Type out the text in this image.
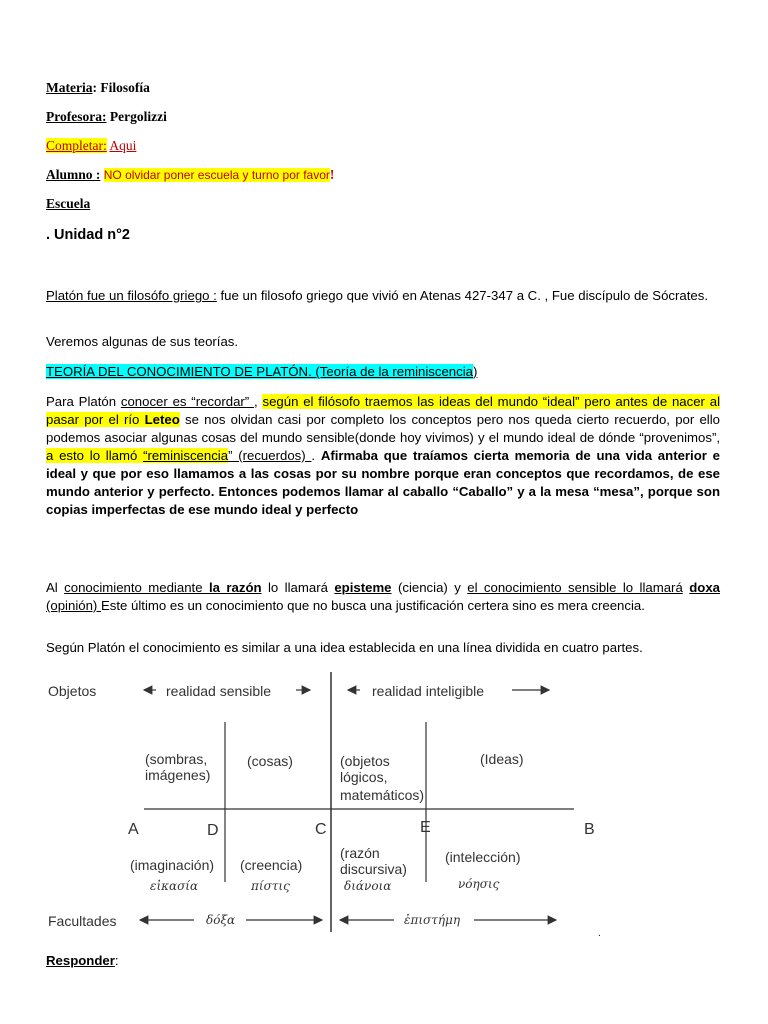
Materia: Filosofía
Profesora: Pergolizzi
Completar: Aqui
Alumno : NO olvidar poner escuela y turno por favor!
Escuela
. Unidad n°2
Platón fue un filosófo griego : fue un filosofo griego que vivió en Atenas 427-347 a C. , Fue discípulo de Sócrates.
Veremos algunas de sus teorías.
TEORÍA DEL CONOCIMIENTO DE PLATÓN. (Teoría de la reminiscencia)
Para Platón conocer es “recordar” , según el filósofo traemos las ideas del mundo “ideal” pero antes de nacer al pasar por el río Leteo se nos olvidan casi por completo los conceptos pero nos queda cierto recuerdo, por ello podemos asociar algunas cosas del mundo sensible(donde hoy vivimos) y el mundo ideal de dónde “provenimos”, a esto lo llamó “reminiscencia” (recuerdos) . Afirmaba que traíamos cierta memoria de una vida anterior e ideal y que por eso llamamos a las cosas por su nombre porque eran conceptos que recordamos, de ese mundo anterior y perfecto. Entonces podemos llamar al caballo “Caballo” y a la mesa “mesa”, porque son copias imperfectas de ese mundo ideal y perfecto
Al conocimiento mediante la razón lo llamará episteme (ciencia) y el conocimiento sensible lo llamará doxa (opinión) Este último es un conocimiento que no busca una justificación certera sino es mera creencia.
Según Platón el conocimiento es similar a una idea establecida en una línea dividida en cuatro partes.
Objetos	realidad sensible	realidad inteligible
(sombras,
imágenes)
(cosas)	(objetos
lógicos,
matemáticos)
(Ideas)
A	D	C	E	B
(imaginación)
εἰκασία
(creencia)
πίστις
(razón
discursiva)
διάνοια
(intelección)
νόησις
Facultades	δόξα	ἐπιστήμη
.
Responder:
